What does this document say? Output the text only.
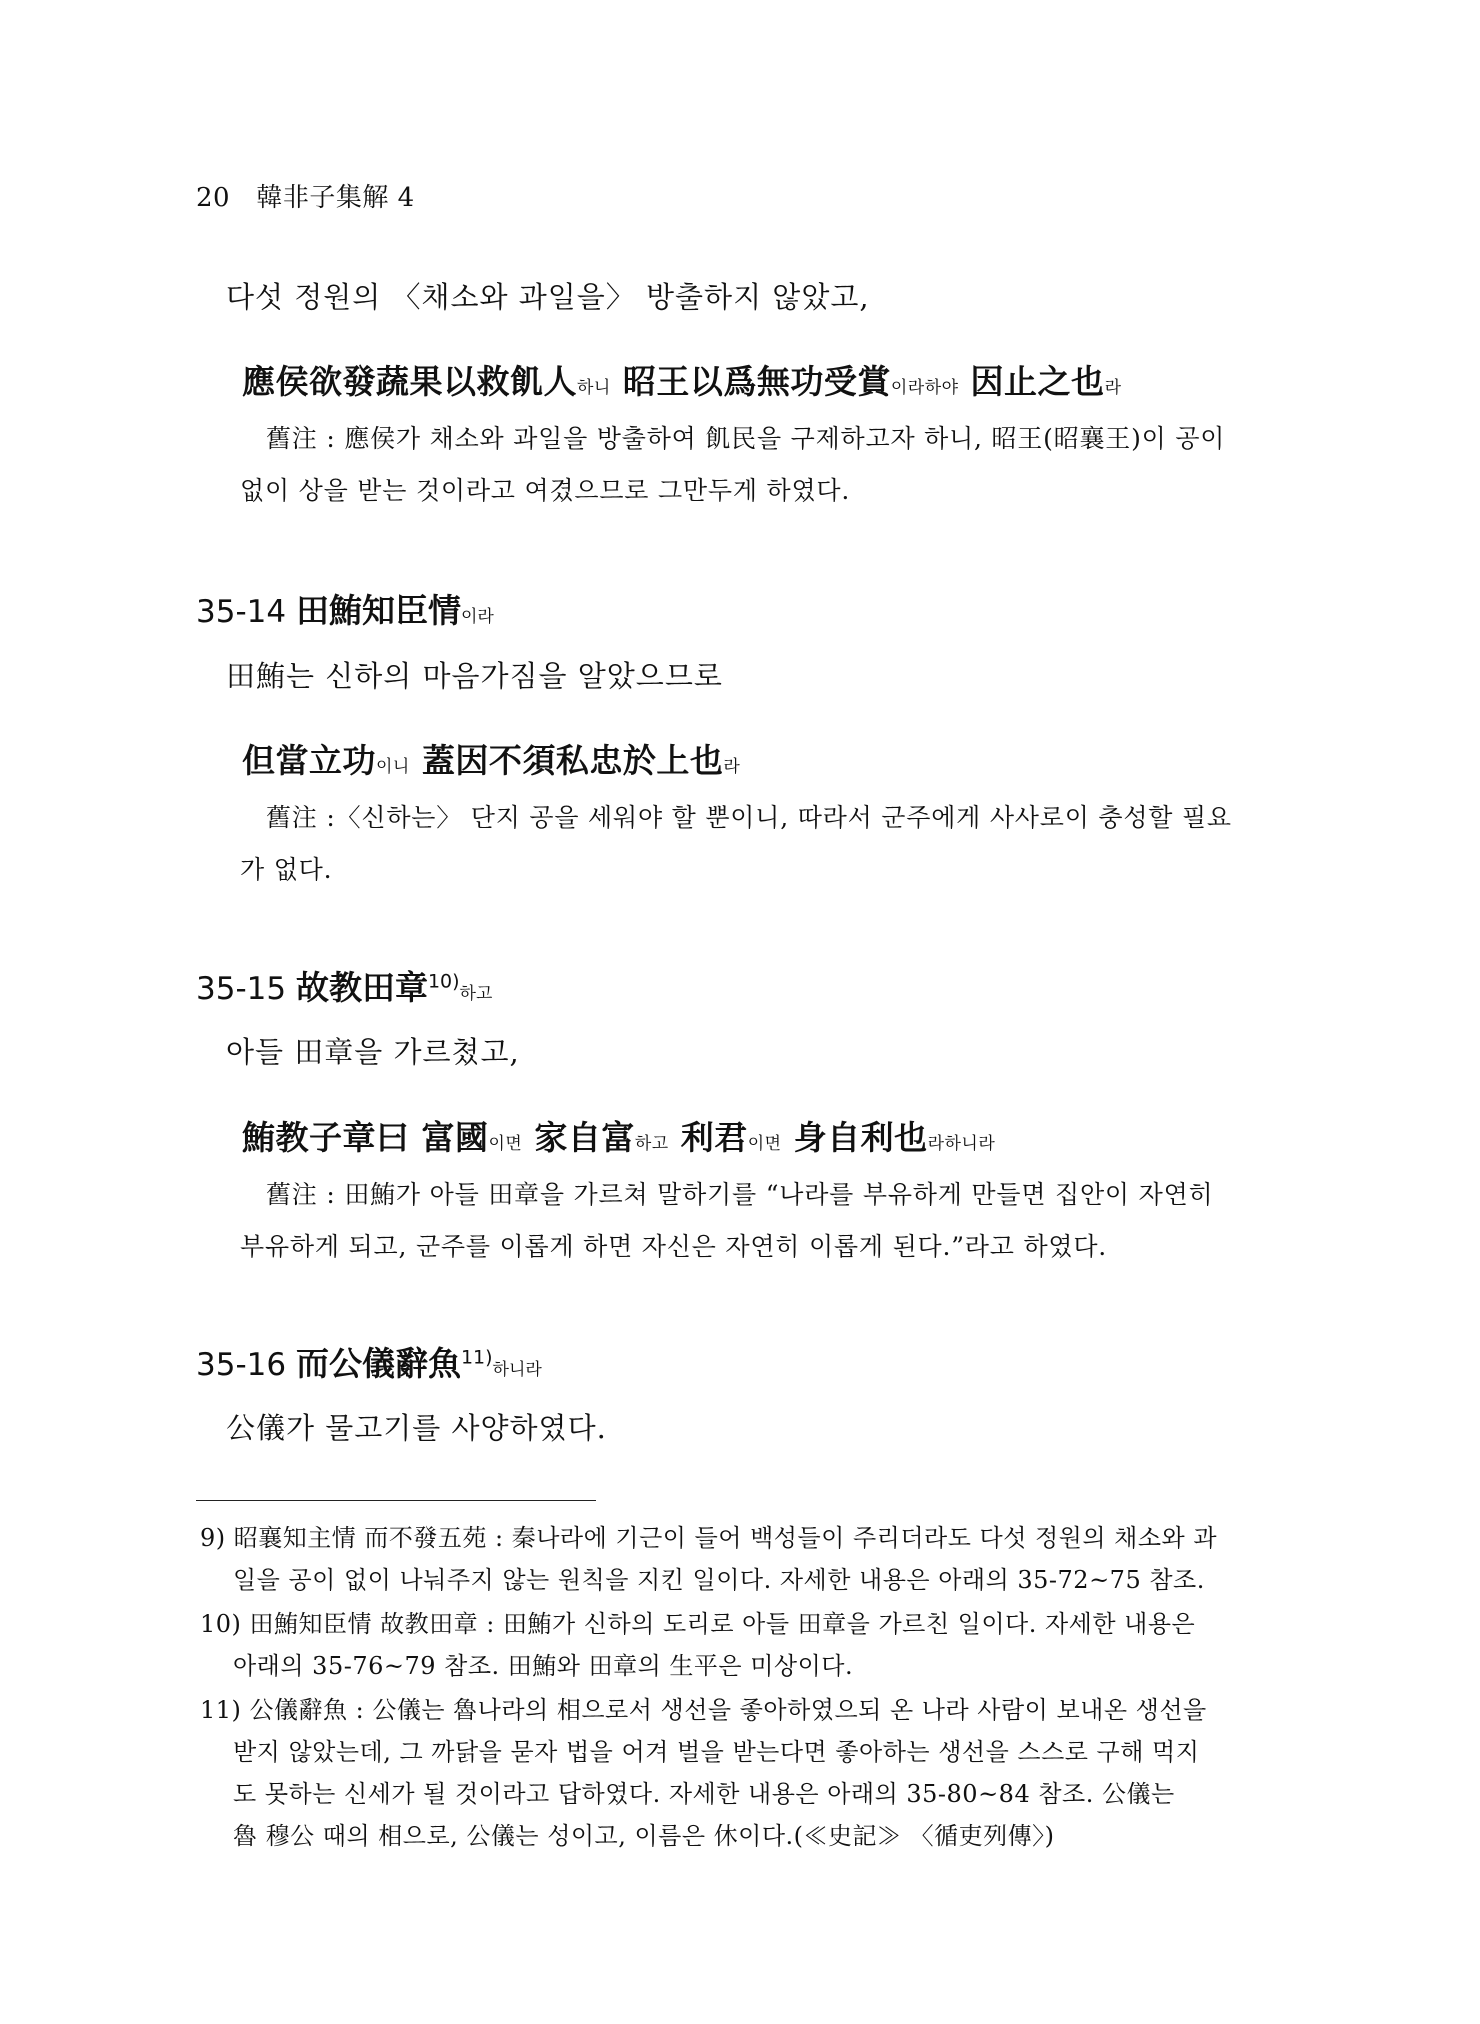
20 韓非子集解 4
다섯 정원의 〈채소와 과일을〉 방출하지 않았고,
應侯欲發蔬果以救飢人하니 昭王以爲無功受賞이라하야 因止之也라
舊注 : 應侯가 채소와 과일을 방출하여 飢民을 구제하고자 하니, 昭王(昭襄王)이 공이
없이 상을 받는 것이라고 여겼으므로 그만두게 하였다.
35-14 田鮪知臣情이라
田鮪는 신하의 마음가짐을 알았으므로
但當立功이니 蓋因不須私忠於上也라
舊注 :〈신하는〉 단지 공을 세워야 할 뿐이니, 따라서 군주에게 사사로이 충성할 필요
가 없다.
35-15 故教田章$^{10)}$하고
아들 田章을 가르쳤고,
鮪教子章曰 富國이면 家自富하고 利君이면 身自利也라하니라
舊注 : 田鮪가 아들 田章을 가르쳐 말하기를 “나라를 부유하게 만들면 집안이 자연히
부유하게 되고, 군주를 이롭게 하면 자신은 자연히 이롭게 된다.”라고 하였다.
35-16 而公儀辭魚$^{11)}$하니라
公儀가 물고기를 사양하였다.
9) 昭襄知主情 而不發五苑 : 秦나라에 기근이 들어 백성들이 주리더라도 다섯 정원의 채소와 과
일을 공이 없이 나눠주지 않는 원칙을 지킨 일이다. 자세한 내용은 아래의 35-72~75 참조.
10) 田鮪知臣情 故教田章 : 田鮪가 신하의 도리로 아들 田章을 가르친 일이다. 자세한 내용은
아래의 35-76~79 참조. 田鮪와 田章의 生平은 미상이다.
11) 公儀辭魚 : 公儀는 魯나라의 相으로서 생선을 좋아하였으되 온 나라 사람이 보내온 생선을
받지 않았는데, 그 까닭을 묻자 법을 어겨 벌을 받는다면 좋아하는 생선을 스스로 구해 먹지
도 못하는 신세가 될 것이라고 답하였다. 자세한 내용은 아래의 35-80~84 참조. 公儀는
魯 穆公 때의 相으로, 公儀는 성이고, 이름은 休이다.(≪史記≫ 〈循吏列傳〉)
